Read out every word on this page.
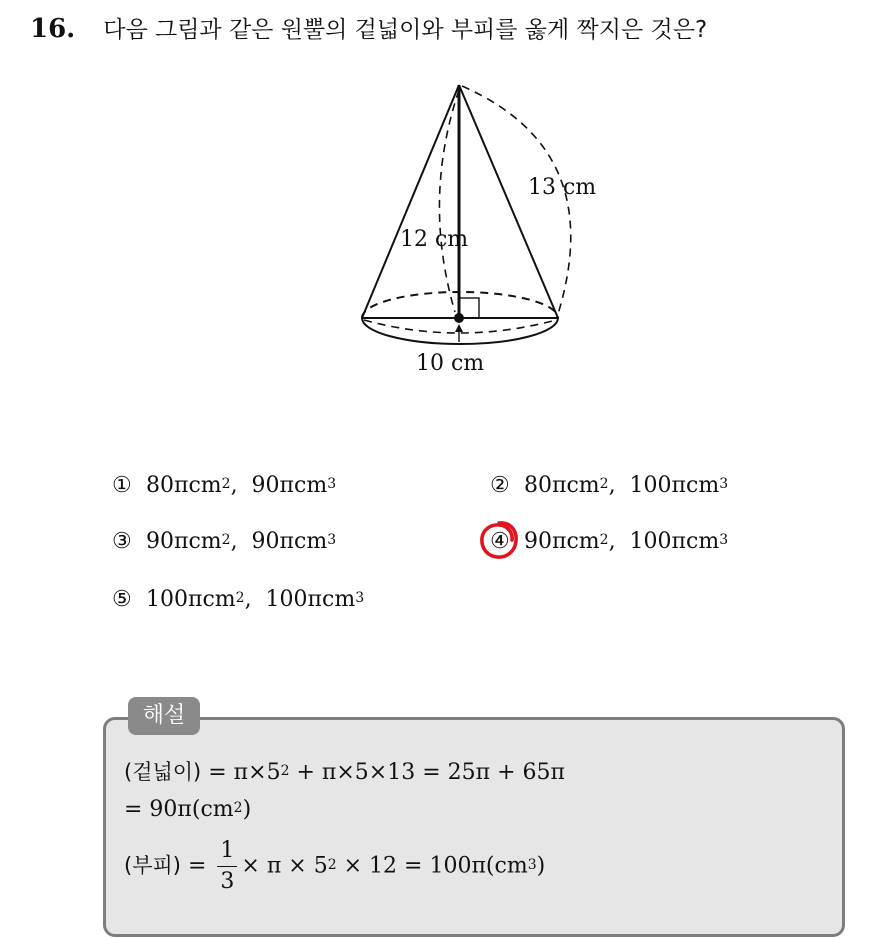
16. 다음 그림과 같은 원뿔의 겉넓이와 부피를 옳게 짝지은 것은?
13 cm
12 cm
10 cm
① 80πcm$^2$,  90πcm$^3$	② 80πcm$^2$,  100πcm$^3$
③ 90πcm$^2$,  90πcm$^3$	④ 90πcm$^2$,  100πcm$^3$
⑤ 100πcm$^2$,  100πcm$^3$
해설
(겉넓이) = $\pi\times 5^2 + \pi\times 5\times 13 = 25\pi + 65\pi$
= $90\pi(cm^2)$
(부피) = $\frac{1}{3} \times \pi \times 5^2 \times 12 = 100\pi(cm^3)$
